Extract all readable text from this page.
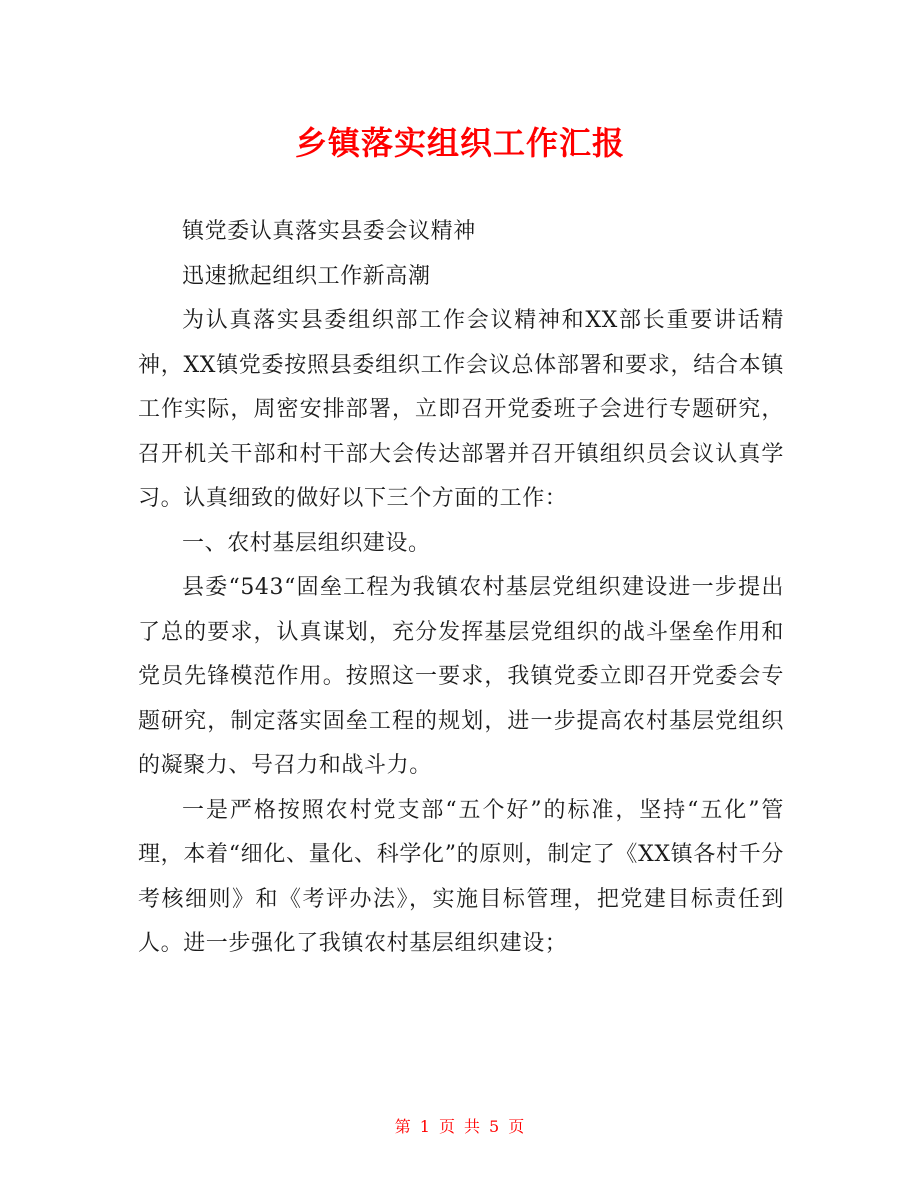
乡镇落实组织工作汇报

镇党委认真落实县委会议精神

迅速掀起组织工作新高潮

为认真落实县委组织部工作会议精神和XX部长重要讲话精神，XX镇党委按照县委组织工作会议总体部署和要求，结合本镇工作实际，周密安排部署，立即召开党委班子会进行专题研究，召开机关干部和村干部大会传达部署并召开镇组织员会议认真学习。认真细致的做好以下三个方面的工作：

一、农村基层组织建设。

县委“543“固垒工程为我镇农村基层党组织建设进一步提出了总的要求，认真谋划，充分发挥基层党组织的战斗堡垒作用和党员先锋模范作用。按照这一要求，我镇党委立即召开党委会专题研究，制定落实固垒工程的规划，进一步提高农村基层党组织的凝聚力、号召力和战斗力。

一是严格按照农村党支部“五个好”的标准，坚持“五化”管理，本着“细化、量化、科学化”的原则，制定了《XX镇各村千分考核细则》和《考评办法》，实施目标管理，把党建目标责任到人。进一步强化了我镇农村基层组织建设；

第 1 页 共 5 页
